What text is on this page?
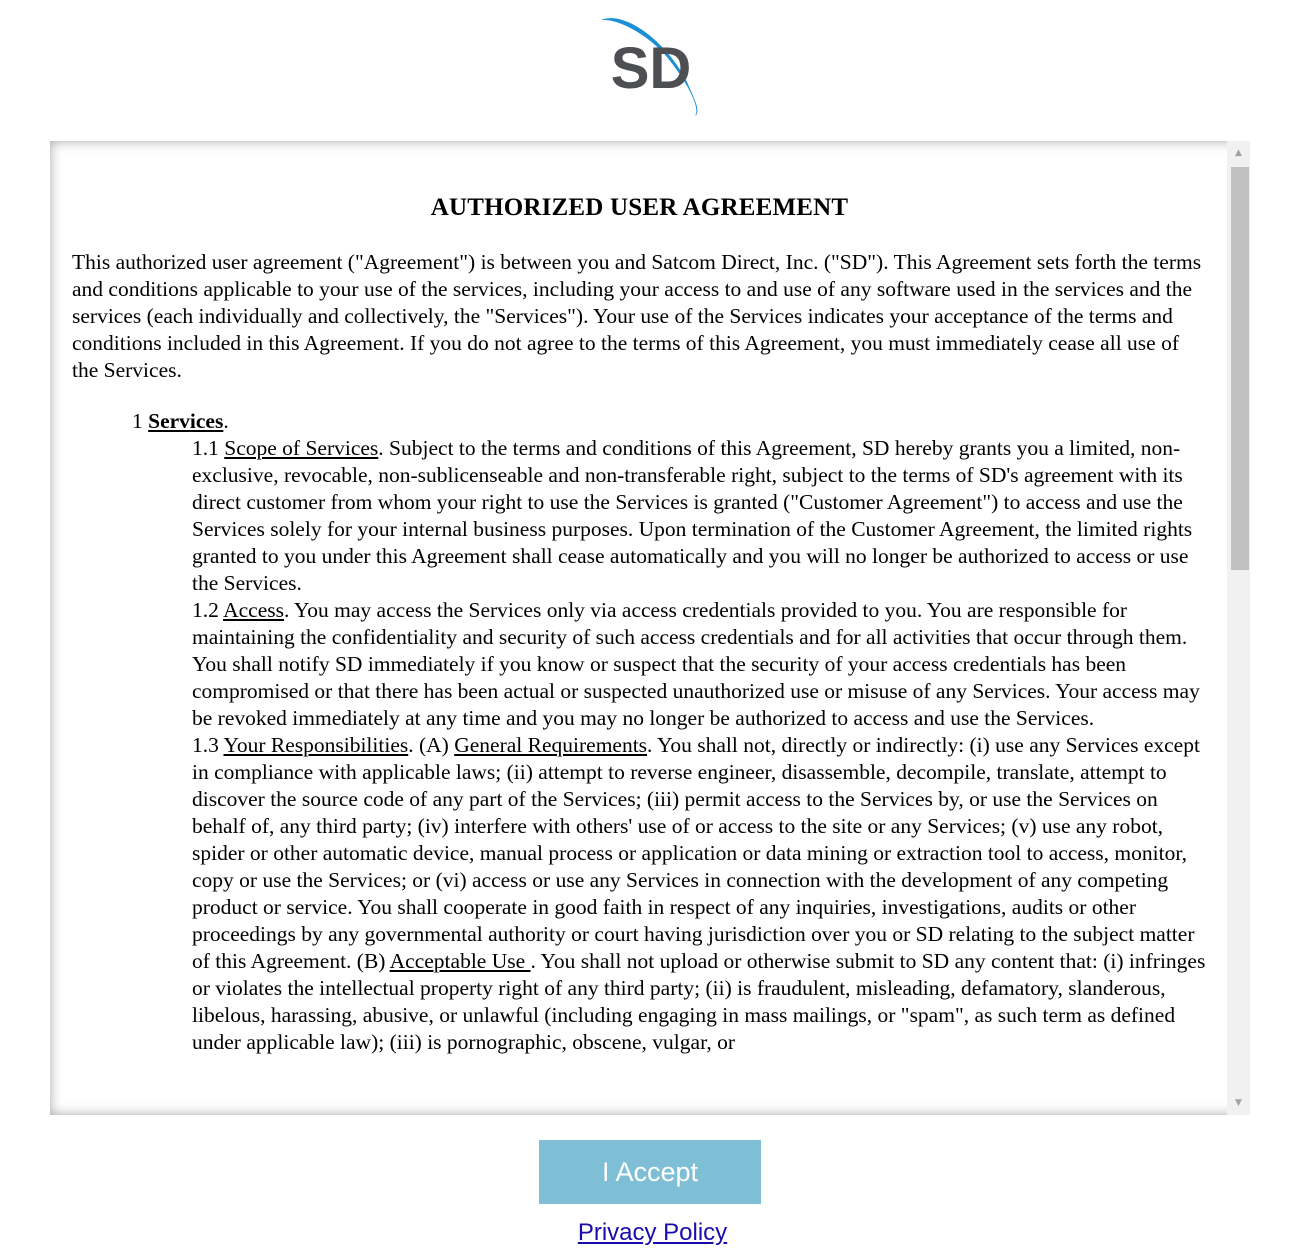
SD
AUTHORIZED USER AGREEMENT

This authorized user agreement ("Agreement") is between you and Satcom Direct, Inc. ("SD"). This Agreement sets forth the terms and conditions applicable to your use of the services, including your access to and use of any software used in the services and the services (each individually and collectively, the "Services"). Your use of the Services indicates your acceptance of the terms and conditions included in this Agreement. If you do not agree to the terms of this Agreement, you must immediately cease all use of the Services.

1 Services.

1.1 Scope of Services. Subject to the terms and conditions of this Agreement, SD hereby grants you a limited, non-exclusive, revocable, non-sublicenseable and non-transferable right, subject to the terms of SD's agreement with its direct customer from whom your right to use the Services is granted ("Customer Agreement") to access and use the Services solely for your internal business purposes. Upon termination of the Customer Agreement, the limited rights granted to you under this Agreement shall cease automatically and you will no longer be authorized to access or use the Services.

1.2 Access. You may access the Services only via access credentials provided to you. You are responsible for maintaining the confidentiality and security of such access credentials and for all activities that occur through them. You shall notify SD immediately if you know or suspect that the security of your access credentials has been compromised or that there has been actual or suspected unauthorized use or misuse of any Services. Your access may be revoked immediately at any time and you may no longer be authorized to access and use the Services.

1.3 Your Responsibilities. (A) General Requirements. You shall not, directly or indirectly: (i) use any Services except in compliance with applicable laws; (ii) attempt to reverse engineer, disassemble, decompile, translate, attempt to discover the source code of any part of the Services; (iii) permit access to the Services by, or use the Services on behalf of, any third party; (iv) interfere with others' use of or access to the site or any Services; (v) use any robot, spider or other automatic device, manual process or application or data mining or extraction tool to access, monitor, copy or use the Services; or (vi) access or use any Services in connection with the development of any competing product or service. You shall cooperate in good faith in respect of any inquiries, investigations, audits or other proceedings by any governmental authority or court having jurisdiction over you or SD relating to the subject matter of this Agreement. (B) Acceptable Use . You shall not upload or otherwise submit to SD any content that: (i) infringes or violates the intellectual property right of any third party; (ii) is fraudulent, misleading, defamatory, slanderous, libelous, harassing, abusive, or unlawful (including engaging in mass mailings, or "spam", as such term as defined under applicable law); (iii) is pornographic, obscene, vulgar, or

▲
▼
I Accept
Privacy Policy
